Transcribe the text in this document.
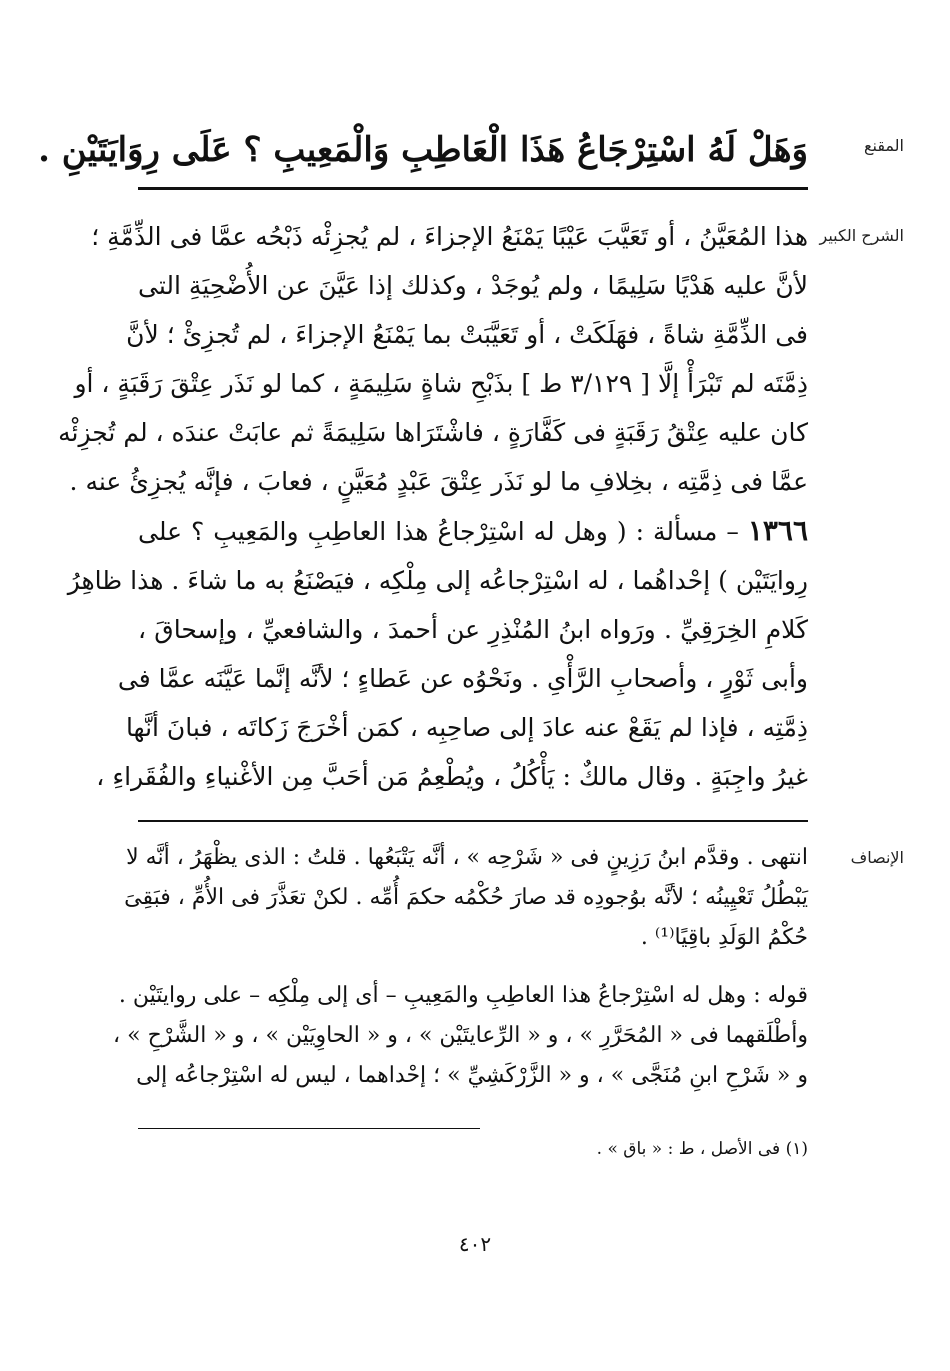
المقنع
وَهَلْ لَهُ اسْتِرْجَاعُ هَذَا الْعَاطِبِ وَالْمَعِيبِ ؟ عَلَى رِوَايَتَيْنِ .
الشرح الكبير
هذا المُعَيَّنُ ، أو تَعَيَّبَ عَيْبًا يَمْنَعُ الإجزاءَ ، لم يُجزِئْه ذَبْحُه عمَّا فى الذِّمَّةِ ؛
لأنَّ عليه هَدْيًا سَلِيمًا ، ولم يُوجَدْ ، وكذلك إذا عَيَّنَ عن الأُضْحِيَةِ التى
فى الذِّمَّةِ شاةً ، فهَلَكَتْ ، أو تَعَيَّبَتْ بما يَمْنَعُ الإجزاءَ ، لم تُجزِئْ ؛ لأنَّ
ذِمَّتَه لم تَبْرَأْ إلَّا [ ٣/١٢٩ ط ] بذَبْحِ شاةٍ سَلِيمَةٍ ، كما لو نَذَر عِتْقَ رَقَبَةٍ ، أو
كان عليه عِتْقُ رَقَبَةٍ فى كَفَّارَةٍ ، فاشْتَرَاها سَلِيمَةً ثم عابَتْ عندَه ، لم تُجزِئْه
عمَّا فى ذِمَّتِه ، بخِلافِ ما لو نَذَر عِتْقَ عَبْدٍ مُعَيَّنٍ ، فعابَ ، فإنَّه يُجزِئُ عنه .
١٣٦٦ – مسألة : ( وهل له اسْتِرْجاعُ هذا العاطِبِ والمَعِيبِ ؟ على
رِوايَتَيْن ) إحْداهُما ، له اسْتِرْجاعُه إلى مِلْكِه ، فيَصْنَعُ به ما شاءَ . هذا ظاهِرُ
كَلامِ الخِرَقِيِّ . ورَواه ابنُ المُنْذِرِ عن أحمدَ ، والشافعيِّ ، وإسحاقَ ،
وأبى ثَوْرٍ ، وأصحابِ الرَّأْىِ . ونَحْوُه عن عَطاءٍ ؛ لأنَّه إنَّما عَيَّنَه عمَّا فى
ذِمَّتِه ، فإذا لم يَقَعْ عنه عادَ إلى صاحِبِه ، كمَن أخْرَجَ زَكاتَه ، فبانَ أنَّها
غيرُ واجِبَةٍ . وقال مالكٌ : يَأْكُلُ ، ويُطْعِمُ مَن أحَبَّ مِن الأغْنياءِ والفُقَراءِ ،
الإنصاف
انتهى . وقدَّم ابنُ رَزِينٍ فى « شَرْحِه » ، أنَّه يَتْبَعُها . قلتُ : الذى يظْهَرُ ، أنَّه لا
يَبْطُلُ تَعْيِينُه ؛ لأنَّه بوُجودِه قد صارَ حُكْمُه حكمَ أُمِّه . لكنْ تعَذَّرَ فى الأُمِّ ، فبَقِىَ
حُكْمُ الوَلَدِ باقِيًا⁽¹⁾ .
قوله : وهل له اسْتِرْجاعُ هذا العاطِبِ والمَعِيبِ – أى إلى مِلْكِه – على روايتَيْن .
وأطْلَقهما فى « المُحَرَّرِ » ، و « الرِّعايتَيْن » ، و « الحاوِيَيْن » ، و « الشَّرْحِ » ،
و « شَرْحِ ابنِ مُنَجَّى » ، و « الزَّرْكَشِيِّ » ؛ إحْداهما ، ليس له اسْتِرْجاعُه إلى
(١) فى الأصل ، ط : « باق » .
٤٠٢
